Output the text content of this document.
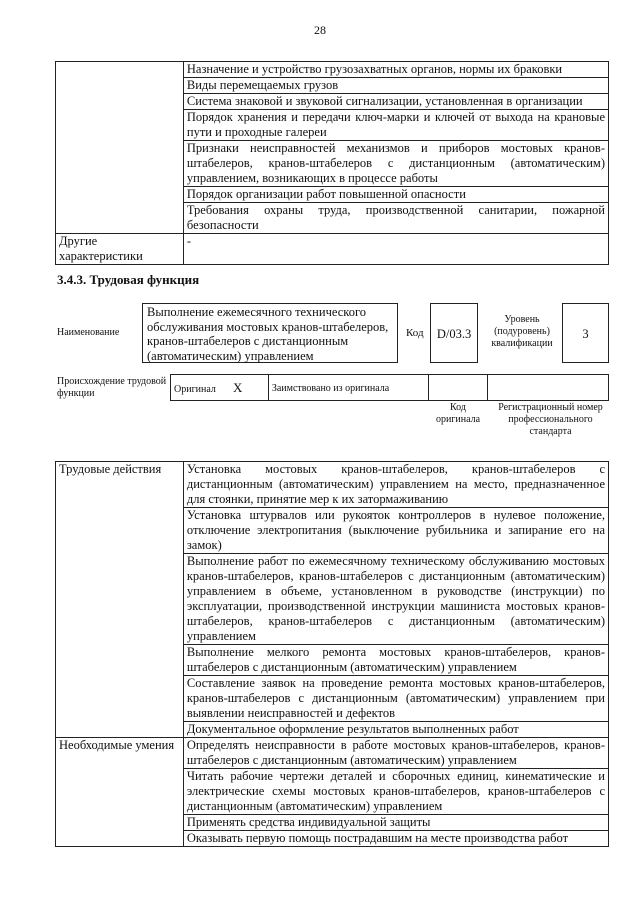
28
	Назначение и устройство грузозахватных органов, нормы их браковки
	Виды перемещаемых грузов
	Система знаковой и звуковой сигнализации, установленная в организации
	Порядок хранения и передачи ключ-марки и ключей от выхода на крановые пути и проходные галереи
	Признаки неисправностей механизмов и приборов мостовых кранов-штабелеров, кранов-штабелеров с дистанционным (автоматическим) управлением, возникающих в процессе работы
	Порядок организации работ повышенной опасности
	Требования охраны труда, производственной санитарии, пожарной безопасности
Другие характеристики	-
3.4.3. Трудовая функция
Наименование
Выполнение ежемесячного технического обслуживания мостовых кранов-штабелеров, кранов-штабелеров с дистанционным (автоматическим) управлением
Код	D/03.3
Уровень (подуровень) квалификации
3
Происхождение трудовой функции	Оригинал X	Заимствовано из оригинала		
Код оригинала
Регистрационный номер профессионального стандарта
Трудовые действия	Установка мостовых кранов-штабелеров, кранов-штабелеров с дистанционным (автоматическим) управлением на место, предназначенное для стоянки, принятие мер к их затормаживанию
	Установка штурвалов или рукояток контроллеров в нулевое положение, отключение электропитания (выключение рубильника и запирание его на замок)
	Выполнение работ по ежемесячному техническому обслуживанию мостовых кранов-штабелеров, кранов-штабелеров с дистанционным (автоматическим) управлением в объеме, установленном в руководстве (инструкции) по эксплуатации, производственной инструкции машиниста мостовых кранов-штабелеров, кранов-штабелеров с дистанционным (автоматическим) управлением
	Выполнение мелкого ремонта мостовых кранов-штабелеров, кранов-штабелеров с дистанционным (автоматическим) управлением
	Составление заявок на проведение ремонта мостовых кранов-штабелеров, кранов-штабелеров с дистанционным (автоматическим) управлением при выявлении неисправностей и дефектов
	Документальное оформление результатов выполненных работ
Необходимые умения	Определять неисправности в работе мостовых кранов-штабелеров, кранов-штабелеров с дистанционным (автоматическим) управлением
	Читать рабочие чертежи деталей и сборочных единиц, кинематические и электрические схемы мостовых кранов-штабелеров, кранов-штабелеров с дистанционным (автоматическим) управлением
	Применять средства индивидуальной защиты
	Оказывать первую помощь пострадавшим на месте производства работ
